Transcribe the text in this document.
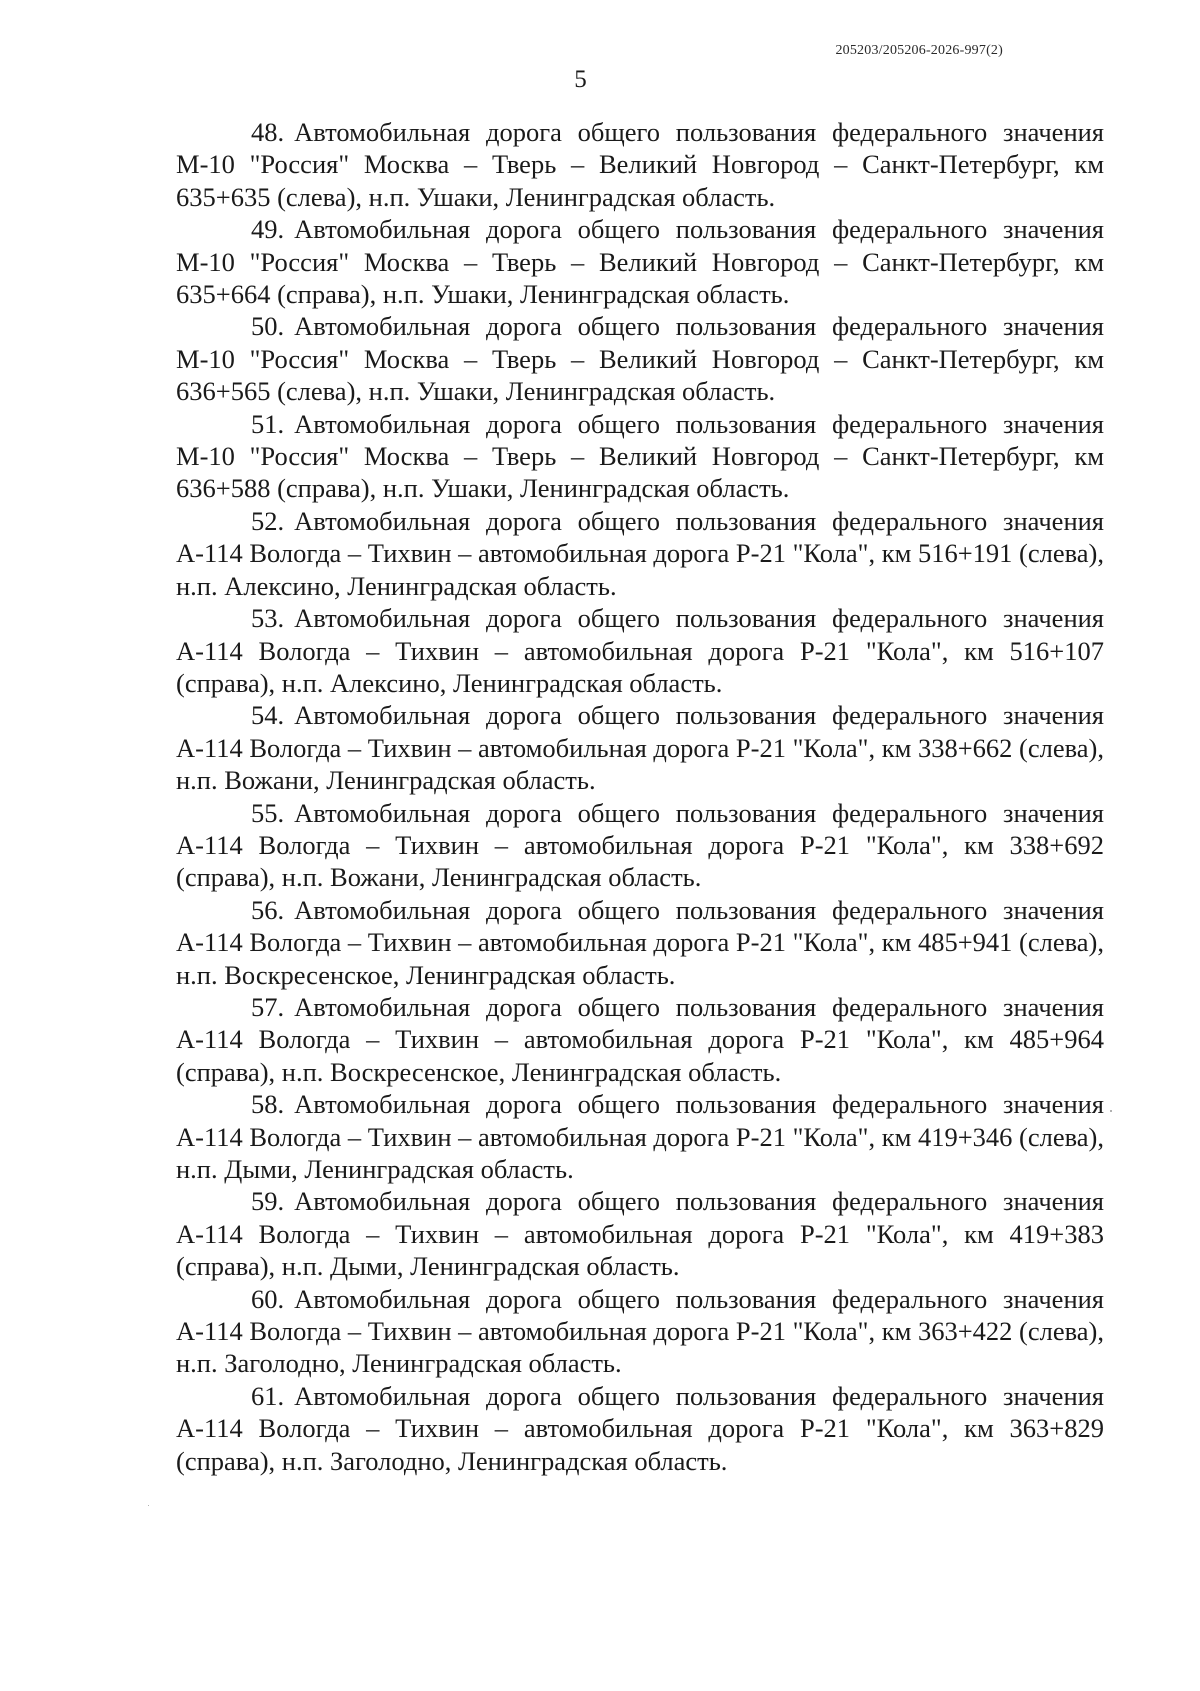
205203/205206-2026-997(2)
5

48. Автомобильная дорога общего пользования федерального значения М-10 "Россия" Москва – Тверь – Великий Новгород – Санкт-Петербург, км 635+635 (слева), н.п. Ушаки, Ленинградская область.

49. Автомобильная дорога общего пользования федерального значения М-10 "Россия" Москва – Тверь – Великий Новгород – Санкт-Петербург, км 635+664 (справа), н.п. Ушаки, Ленинградская область.

50. Автомобильная дорога общего пользования федерального значения М-10 "Россия" Москва – Тверь – Великий Новгород – Санкт-Петербург, км 636+565 (слева), н.п. Ушаки, Ленинградская область.

51. Автомобильная дорога общего пользования федерального значения М-10 "Россия" Москва – Тверь – Великий Новгород – Санкт-Петербург, км 636+588 (справа), н.п. Ушаки, Ленинградская область.

52. Автомобильная дорога общего пользования федерального значения А-114 Вологда – Тихвин – автомобильная дорога Р-21 "Кола", км 516+191 (слева), н.п. Алексино, Ленинградская область.

53. Автомобильная дорога общего пользования федерального значения А-114 Вологда – Тихвин – автомобильная дорога Р-21 "Кола", км 516+107 (справа), н.п. Алексино, Ленинградская область.

54. Автомобильная дорога общего пользования федерального значения А-114 Вологда – Тихвин – автомобильная дорога Р-21 "Кола", км 338+662 (слева), н.п. Вожани, Ленинградская область.

55. Автомобильная дорога общего пользования федерального значения А-114 Вологда – Тихвин – автомобильная дорога Р-21 "Кола", км 338+692 (справа), н.п. Вожани, Ленинградская область.

56. Автомобильная дорога общего пользования федерального значения А-114 Вологда – Тихвин – автомобильная дорога Р-21 "Кола", км 485+941 (слева), н.п. Воскресенское, Ленинградская область.

57. Автомобильная дорога общего пользования федерального значения А-114 Вологда – Тихвин – автомобильная дорога Р-21 "Кола", км 485+964 (справа), н.п. Воскресенское, Ленинградская область.

58. Автомобильная дорога общего пользования федерального значения А-114 Вологда – Тихвин – автомобильная дорога Р-21 "Кола", км 419+346 (слева), н.п. Дыми, Ленинградская область.

59. Автомобильная дорога общего пользования федерального значения А-114 Вологда – Тихвин – автомобильная дорога Р-21 "Кола", км 419+383 (справа), н.п. Дыми, Ленинградская область.

60. Автомобильная дорога общего пользования федерального значения А-114 Вологда – Тихвин – автомобильная дорога Р-21 "Кола", км 363+422 (слева), н.п. Заголодно, Ленинградская область.

61. Автомобильная дорога общего пользования федерального значения А-114 Вологда – Тихвин – автомобильная дорога Р-21 "Кола", км 363+829 (справа), н.п. Заголодно, Ленинградская область.
